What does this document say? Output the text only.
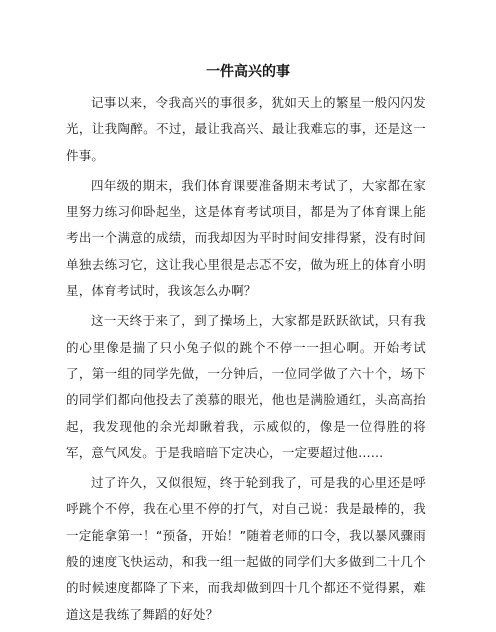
一件高兴的事

记事以来，令我高兴的事很多，犹如天上的繁星一般闪闪发光，让我陶醉。不过，最让我高兴、最让我难忘的事，还是这一件事。

四年级的期末，我们体育课要准备期末考试了，大家都在家里努力练习仰卧起坐，这是体育考试项目，都是为了体育课上能考出一个满意的成绩，而我却因为平时时间安排得紧，没有时间单独去练习它，这让我心里很是忐忑不安，做为班上的体育小明星，体育考试时，我该怎么办啊？

这一天终于来了，到了操场上，大家都是跃跃欲试，只有我的心里像是揣了只小兔子似的跳个不停一一担心啊。开始考试了，第一组的同学先做，一分钟后，一位同学做了六十个，场下的同学们都向他投去了羡慕的眼光，他也是满脸通红，头高高抬起，我发现他的余光却瞅着我，示威似的，像是一位得胜的将军，意气风发。于是我暗暗下定决心，一定要超过他……

过了许久，又似很短，终于轮到我了，可是我的心里还是呼呼跳个不停，我在心里不停的打气，对自己说：我是最棒的，我一定能拿第一！“预备，开始！”随着老师的口令，我以暴风骤雨般的速度飞快运动，和我一组一起做的同学们大多做到二十几个的时候速度都降了下来，而我却做到四十几个都还不觉得累，难道这是我练了舞蹈的好处？
